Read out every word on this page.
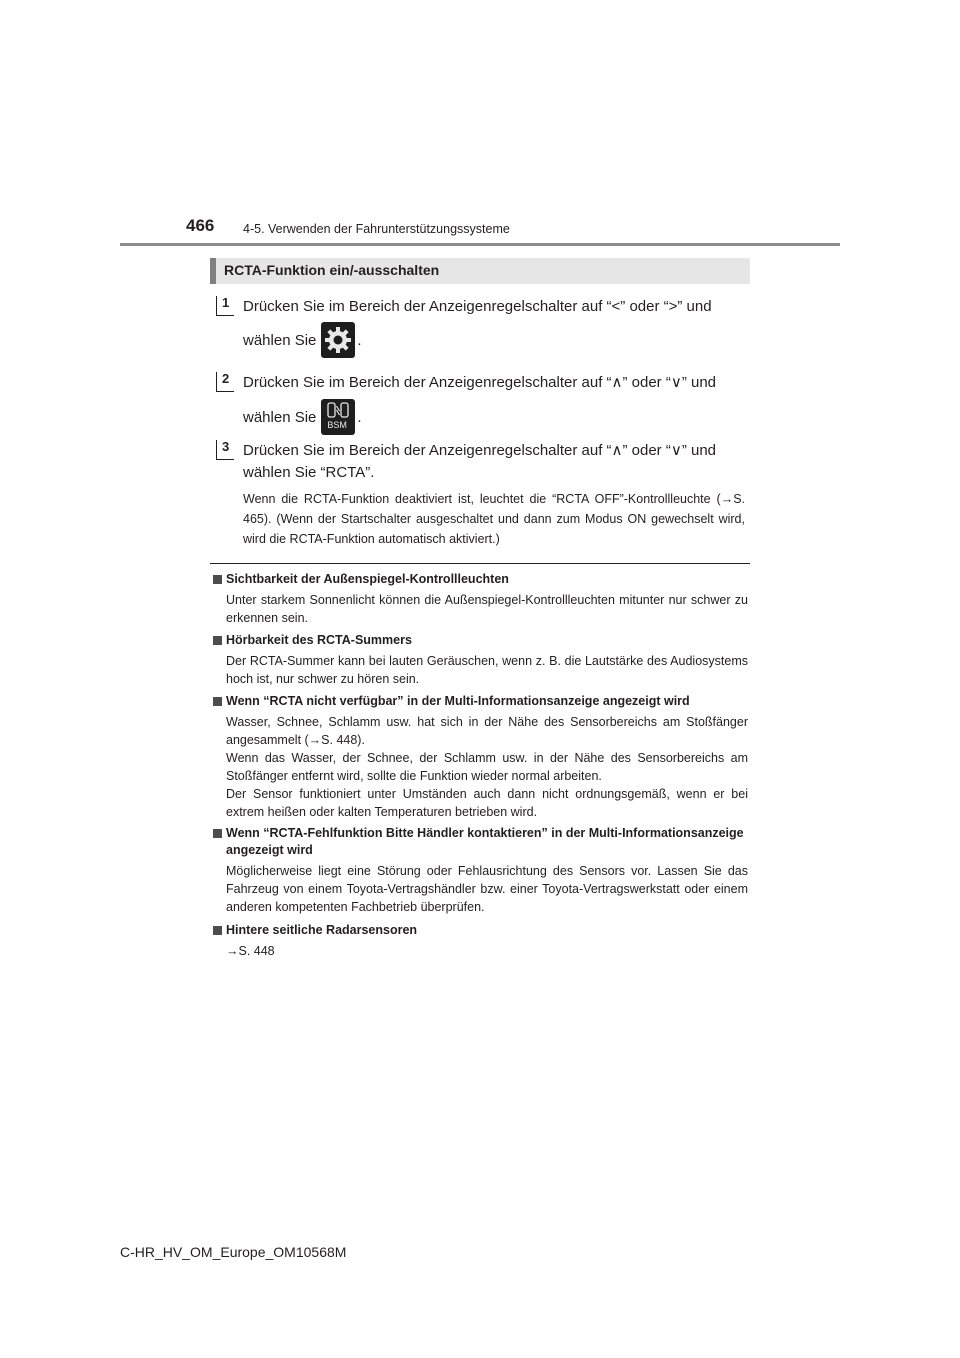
466 4-5. Verwenden der Fahrunterstützungssysteme
RCTA-Funktion ein/-ausschalten
1 Drücken Sie im Bereich der Anzeigenregelschalter auf “<” oder “>” und
wählen Sie	.
2 Drücken Sie im Bereich der Anzeigenregelschalter auf “∧” oder “∨” und
wählen Sie BSM .
3 Drücken Sie im Bereich der Anzeigenregelschalter auf “∧” oder “∨” und
wählen Sie “RCTA”.
Wenn die RCTA-Funktion deaktiviert ist, leuchtet die “RCTA OFF”-Kontrollleuchte (→S. 465). (Wenn der Startschalter ausgeschaltet und dann zum Modus ON gewechselt wird, wird die RCTA-Funktion automatisch aktiviert.)
Sichtbarkeit der Außenspiegel-Kontrollleuchten

Unter starkem Sonnenlicht können die Außenspiegel-Kontrollleuchten mitunter nur schwer zu erkennen sein.

Hörbarkeit des RCTA-Summers

Der RCTA-Summer kann bei lauten Geräuschen, wenn z. B. die Lautstärke des Audiosystems hoch ist, nur schwer zu hören sein.

Wenn “RCTA nicht verfügbar” in der Multi-Informationsanzeige angezeigt wird

Wasser, Schnee, Schlamm usw. hat sich in der Nähe des Sensorbereichs am Stoßfänger angesammelt (→S. 448).

Wenn das Wasser, der Schnee, der Schlamm usw. in der Nähe des Sensorbereichs am Stoßfänger entfernt wird, sollte die Funktion wieder normal arbeiten.

Der Sensor funktioniert unter Umständen auch dann nicht ordnungsgemäß, wenn er bei extrem heißen oder kalten Temperaturen betrieben wird.

Wenn “RCTA-Fehlfunktion Bitte Händler kontaktieren” in der Multi-Informationsanzeige angezeigt wird

Möglicherweise liegt eine Störung oder Fehlausrichtung des Sensors vor. Lassen Sie das Fahrzeug von einem Toyota-Vertragshändler bzw. einer Toyota-Vertragswerkstatt oder einem anderen kompetenten Fachbetrieb überprüfen.

Hintere seitliche Radarsensoren

→S. 448

C-HR_HV_OM_Europe_OM10568M
